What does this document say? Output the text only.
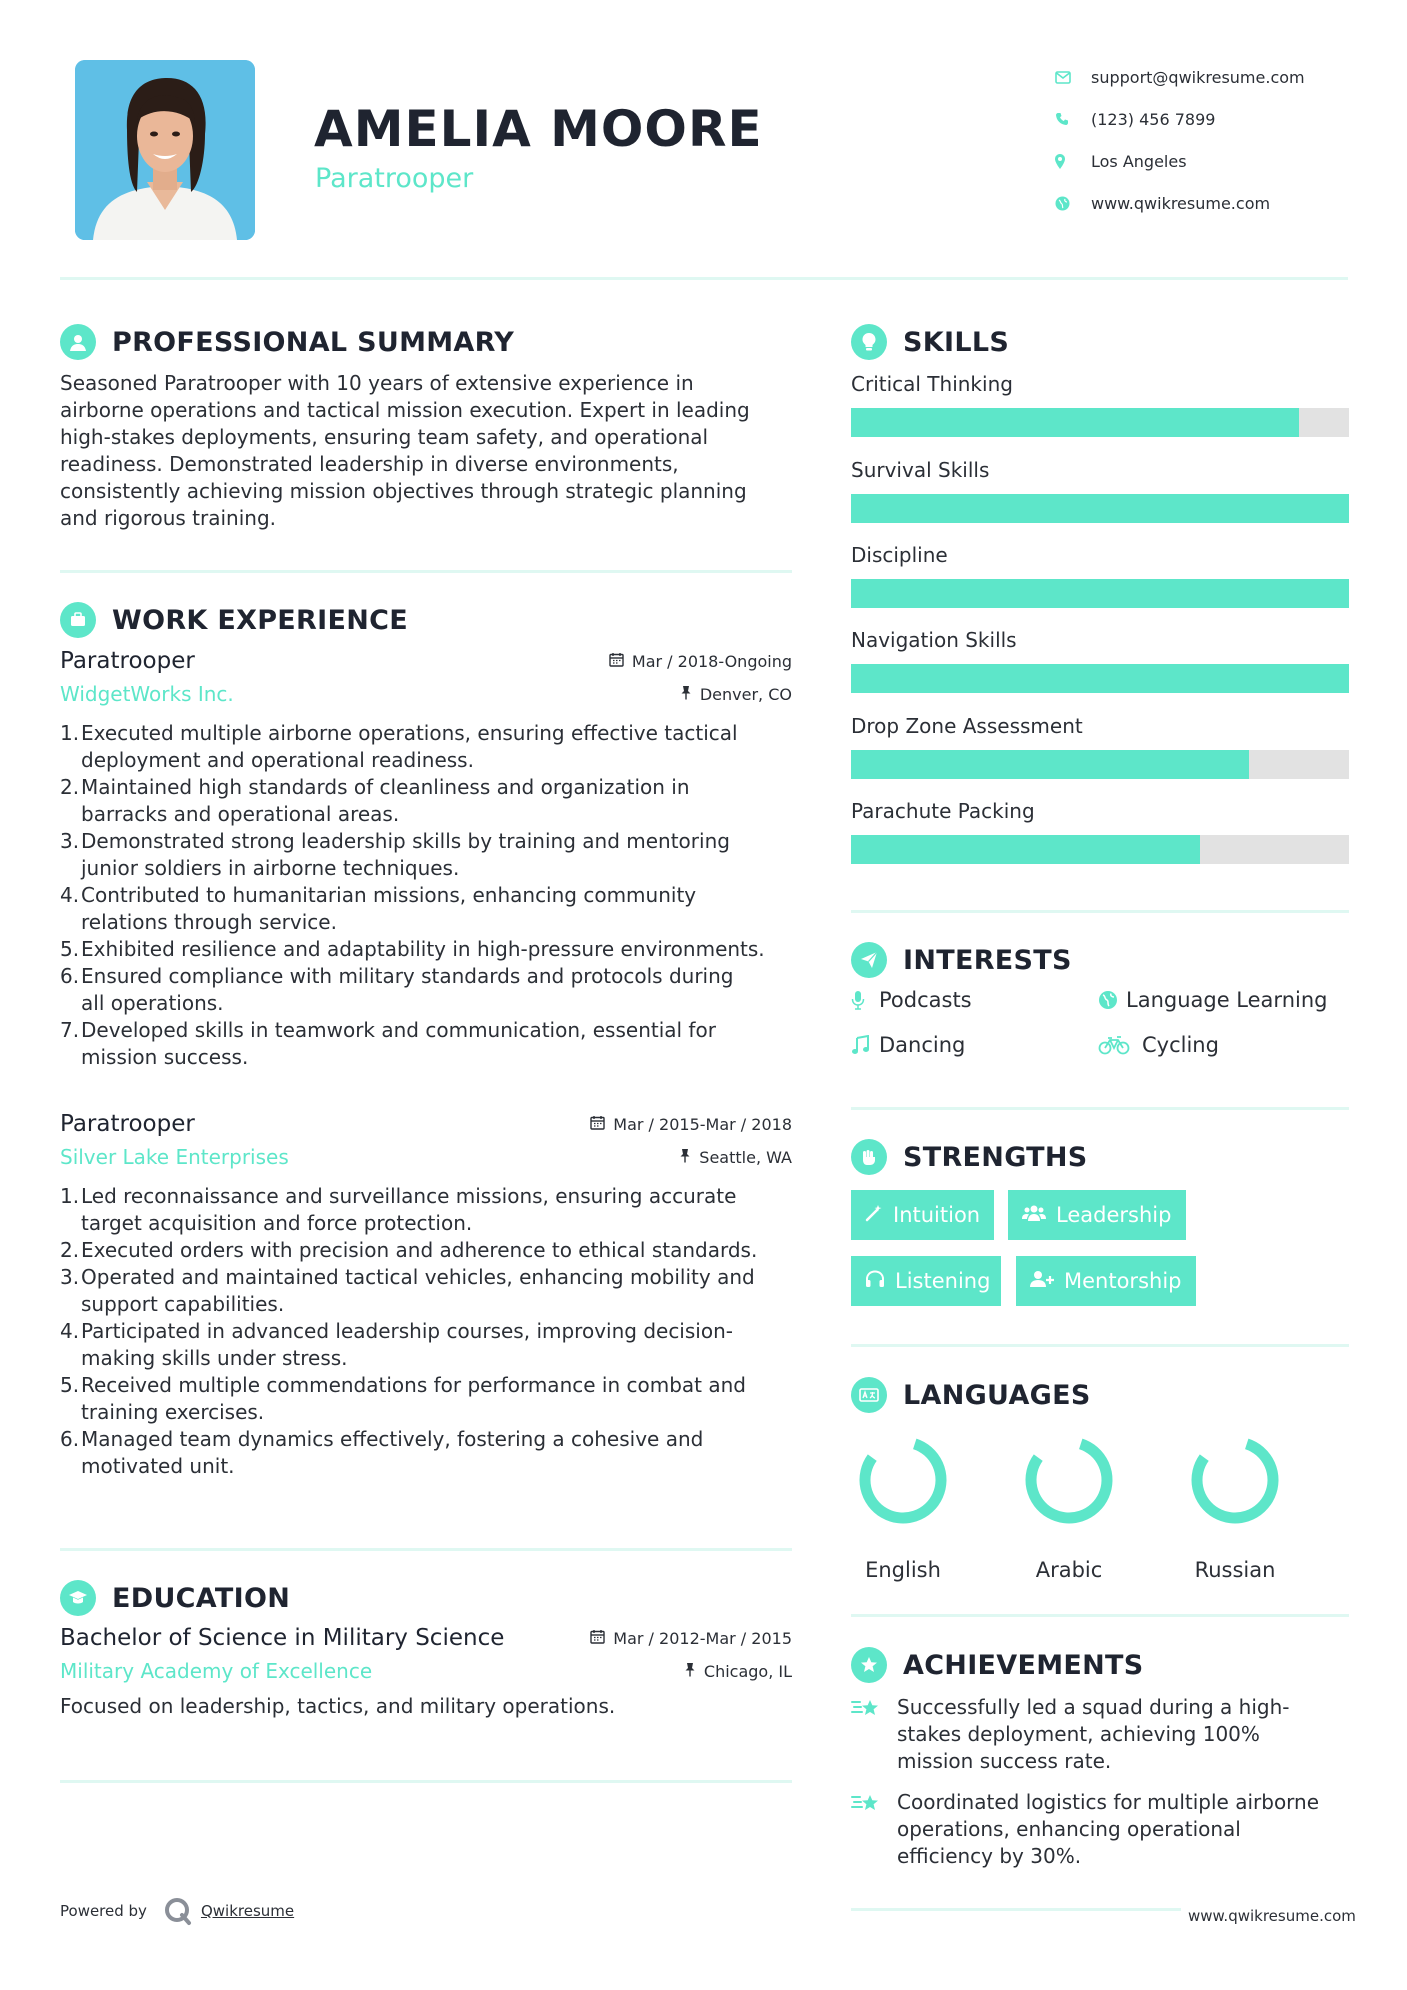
AMELIA MOORE
Paratrooper
support@qwikresume.com
(123) 456 7899
Los Angeles
www.qwikresume.com
PROFESSIONAL SUMMARY
Seasoned Paratrooper with 10 years of extensive experience in
airborne operations and tactical mission execution. Expert in leading
high-stakes deployments, ensuring team safety, and operational
readiness. Demonstrated leadership in diverse environments,
consistently achieving mission objectives through strategic planning
and rigorous training.
WORK EXPERIENCE
Paratrooper	Mar / 2018-Ongoing
WidgetWorks Inc.	Denver, CO
1. Executed multiple airborne operations, ensuring effective tactical
deployment and operational readiness.
2. Maintained high standards of cleanliness and organization in
barracks and operational areas.
3. Demonstrated strong leadership skills by training and mentoring
junior soldiers in airborne techniques.
4. Contributed to humanitarian missions, enhancing community
relations through service.
5. Exhibited resilience and adaptability in high-pressure environments.
6. Ensured compliance with military standards and protocols during
all operations.
7. Developed skills in teamwork and communication, essential for
mission success.
Paratrooper	Mar / 2015-Mar / 2018
Silver Lake Enterprises	Seattle, WA
1. Led reconnaissance and surveillance missions, ensuring accurate
target acquisition and force protection.
2. Executed orders with precision and adherence to ethical standards.
3. Operated and maintained tactical vehicles, enhancing mobility and
support capabilities.
4. Participated in advanced leadership courses, improving decision-
making skills under stress.
5. Received multiple commendations for performance in combat and
training exercises.
6. Managed team dynamics effectively, fostering a cohesive and
motivated unit.
EDUCATION
Bachelor of Science in Military Science	Mar / 2012-Mar / 2015
Military Academy of Excellence	Chicago, IL
Focused on leadership, tactics, and military operations.
SKILLS
Critical Thinking
Survival Skills
Discipline
Navigation Skills
Drop Zone Assessment
Parachute Packing
INTERESTS
Podcasts	Language Learning
Dancing	Cycling
STRENGTHS
Intuition	Leadership
Listening	Mentorship
LANGUAGES
English	Arabic	Russian
ACHIEVEMENTS
Successfully led a squad during a high-
stakes deployment, achieving 100%
mission success rate.
Coordinated logistics for multiple airborne
operations, enhancing operational
efficiency by 30%.
Powered by	Qwikresume	www.qwikresume.com
